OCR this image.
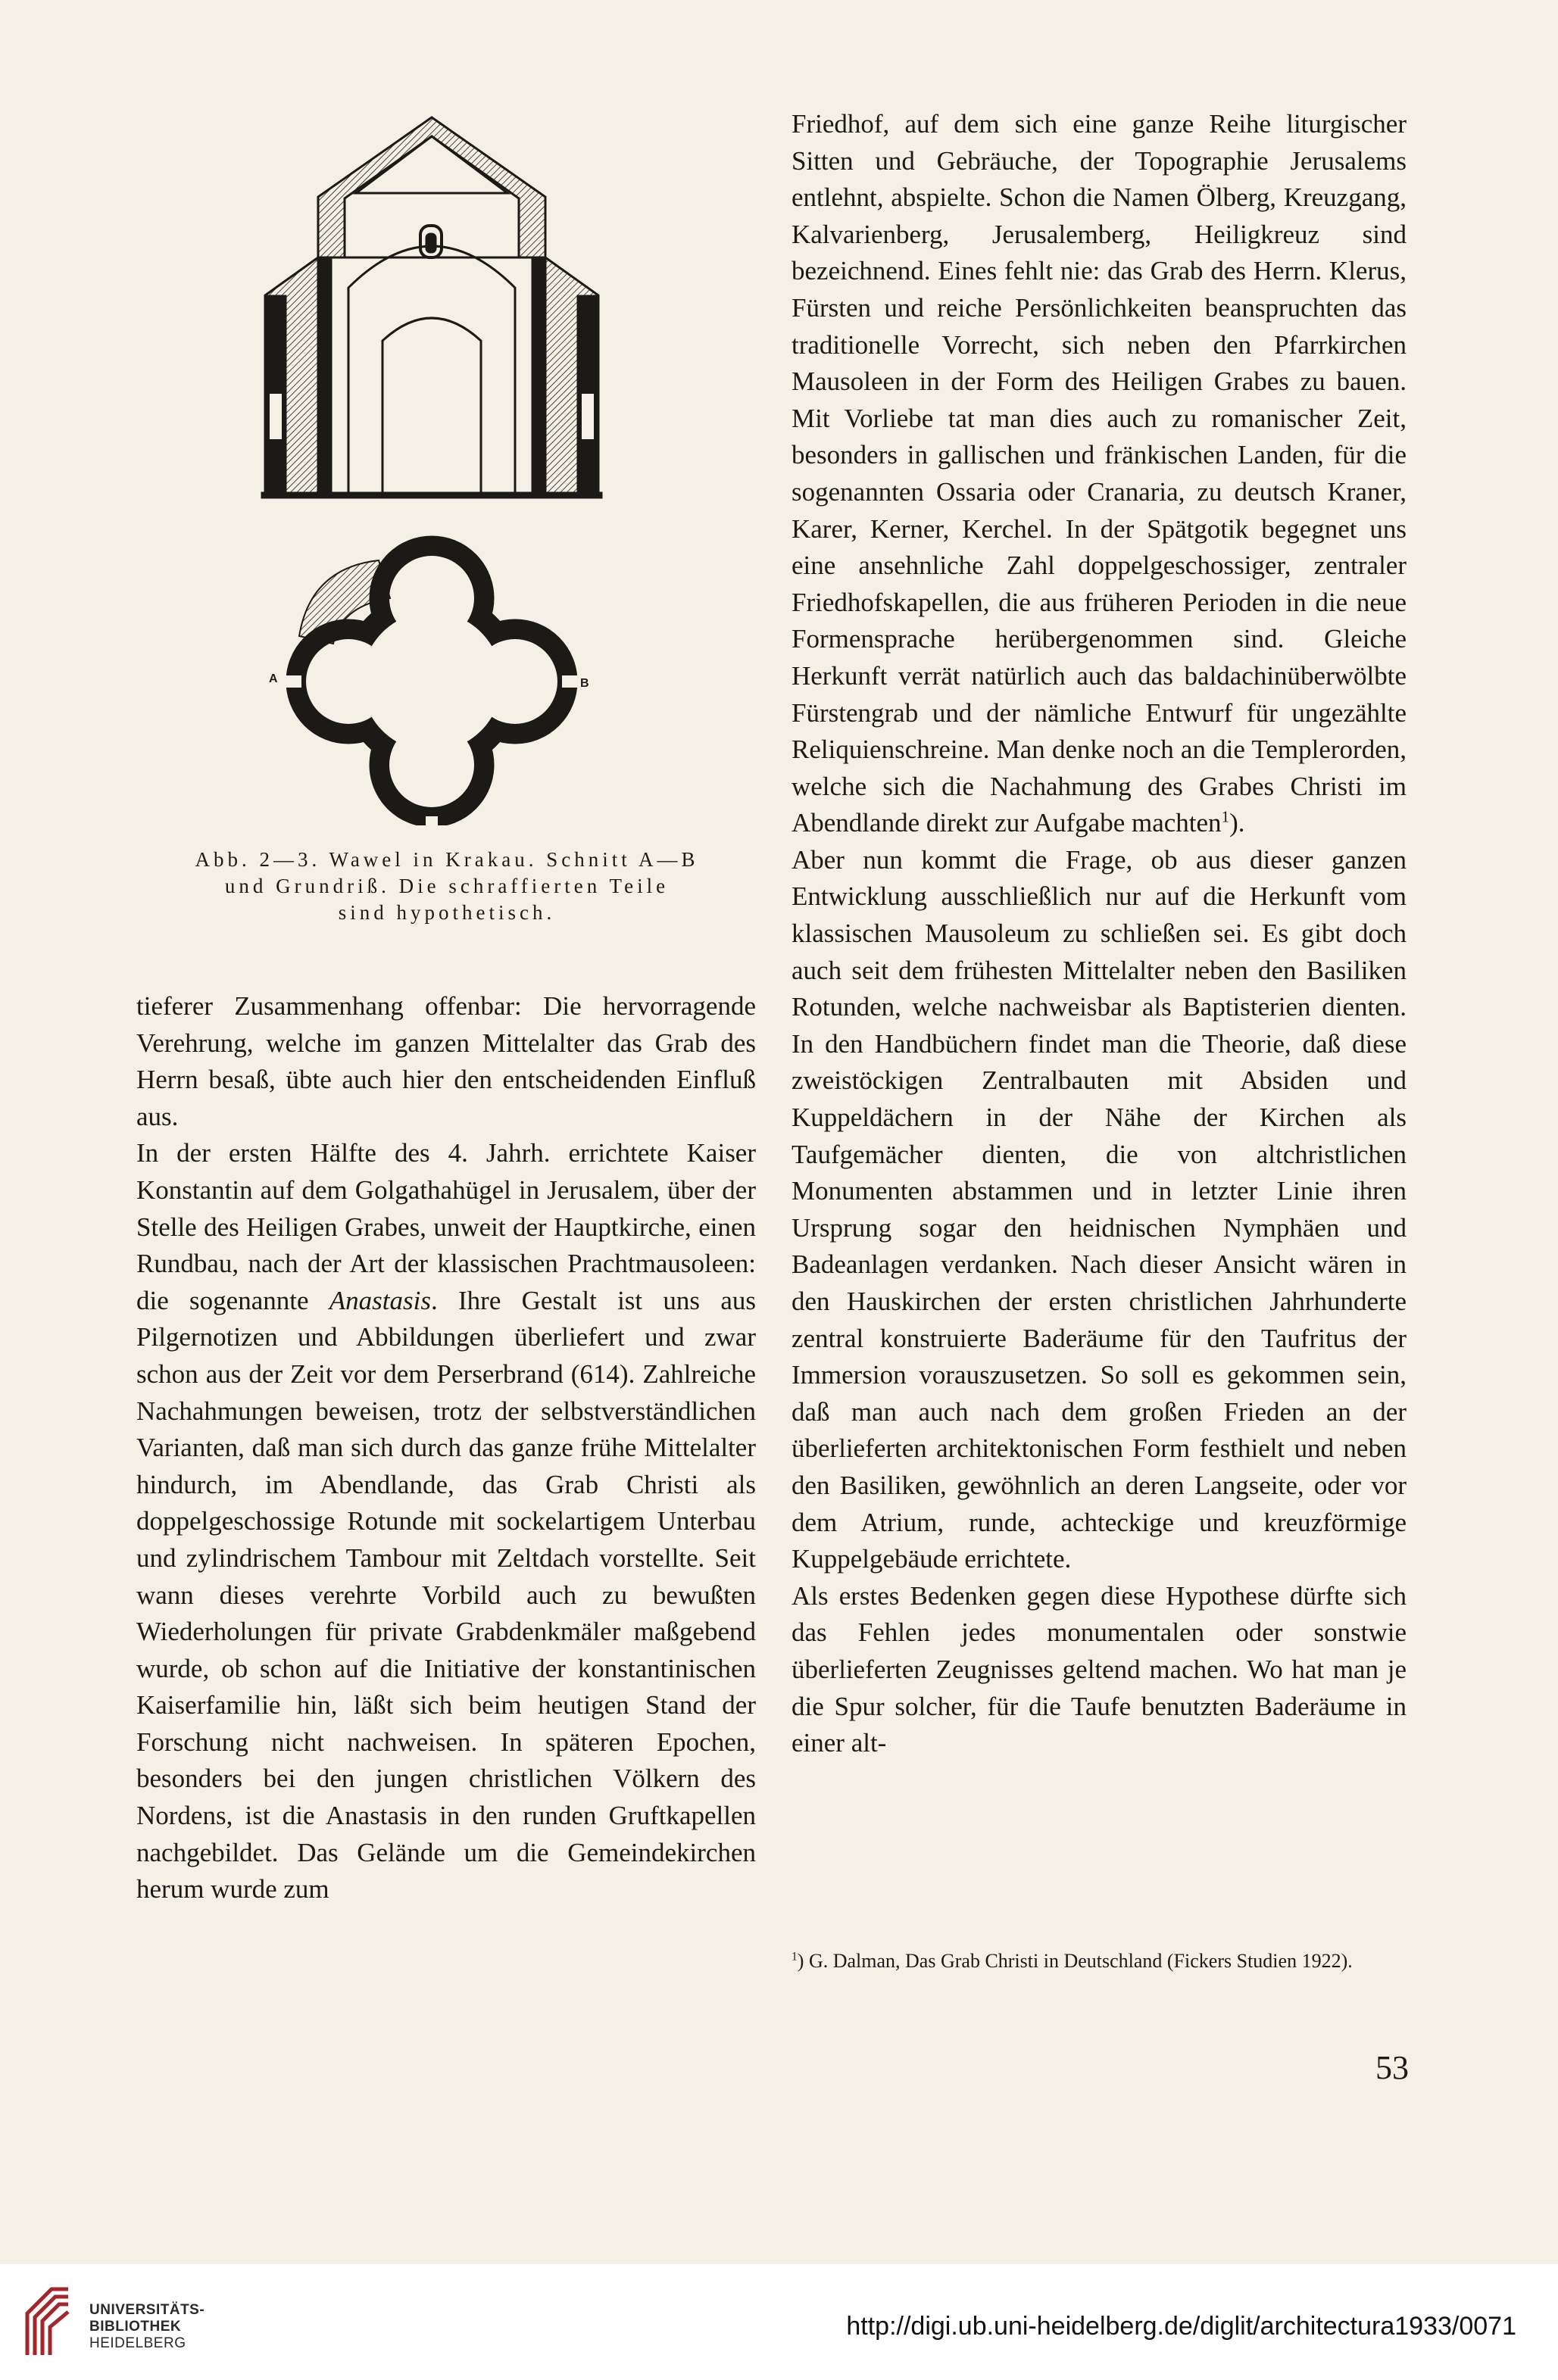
A	B
Abb. 2—3. Wawel in Krakau. Schnitt A—B
und Grundriß. Die schraffierten Teile
sind hypothetisch.

tieferer Zusammenhang offenbar: Die hervorragende Verehrung, welche im ganzen Mittelalter das Grab des Herrn besaß, übte auch hier den entscheidenden Einfluß aus.

In der ersten Hälfte des 4. Jahrh. errichtete Kaiser Konstantin auf dem Golgathahügel in Jerusalem, über der Stelle des Heiligen Grabes, unweit der Hauptkirche, einen Rundbau, nach der Art der klassischen Prachtmausoleen: die sogenannte Anastasis. Ihre Gestalt ist uns aus Pilgernotizen und Abbildungen überliefert und zwar schon aus der Zeit vor dem Perserbrand (614). Zahlreiche Nachahmungen beweisen, trotz der selbstverständlichen Varianten, daß man sich durch das ganze frühe Mittelalter hindurch, im Abendlande, das Grab Christi als doppelgeschossige Rotunde mit sockelartigem Unterbau und zylindrischem Tambour mit Zeltdach vorstellte. Seit wann dieses verehrte Vorbild auch zu bewußten Wiederholungen für private Grabdenkmäler maßgebend wurde, ob schon auf die Initiative der konstantinischen Kaiserfamilie hin, läßt sich beim heutigen Stand der Forschung nicht nachweisen. In späteren Epochen, besonders bei den jungen christlichen Völkern des Nordens, ist die Anastasis in den runden Gruftkapellen nachgebildet. Das Gelände um die Gemeindekirchen herum wurde zum

Friedhof, auf dem sich eine ganze Reihe liturgischer Sitten und Gebräuche, der Topographie Jerusalems entlehnt, abspielte. Schon die Namen Ölberg, Kreuzgang, Kalvarienberg, Jerusalemberg, Heiligkreuz sind bezeichnend. Eines fehlt nie: das Grab des Herrn. Klerus, Fürsten und reiche Persönlichkeiten beanspruchten das traditionelle Vorrecht, sich neben den Pfarrkirchen Mausoleen in der Form des Heiligen Grabes zu bauen. Mit Vorliebe tat man dies auch zu romanischer Zeit, besonders in gallischen und fränkischen Landen, für die sogenannten Ossaria oder Cranaria, zu deutsch Kraner, Karer, Kerner, Kerchel. In der Spätgotik begegnet uns eine ansehnliche Zahl doppelgeschossiger, zentraler Friedhofskapellen, die aus früheren Perioden in die neue Formensprache herübergenommen sind. Gleiche Herkunft verrät natürlich auch das baldachinüberwölbte Fürstengrab und der nämliche Entwurf für ungezählte Reliquienschreine. Man denke noch an die Templerorden, welche sich die Nachahmung des Grabes Christi im Abendlande direkt zur Aufgabe machten$^1$).

Aber nun kommt die Frage, ob aus dieser ganzen Entwicklung ausschließlich nur auf die Herkunft vom klassischen Mausoleum zu schließen sei. Es gibt doch auch seit dem frühesten Mittelalter neben den Basiliken Rotunden, welche nachweisbar als Baptisterien dienten. In den Handbüchern findet man die Theorie, daß diese zweistöckigen Zentralbauten mit Absiden und Kuppeldächern in der Nähe der Kirchen als Taufgemächer dienten, die von altchristlichen Monumenten abstammen und in letzter Linie ihren Ursprung sogar den heidnischen Nymphäen und Badeanlagen verdanken. Nach dieser Ansicht wären in den Hauskirchen der ersten christlichen Jahrhunderte zentral konstruierte Baderäume für den Taufritus der Immersion vorauszusetzen. So soll es gekommen sein, daß man auch nach dem großen Frieden an der überlieferten architektonischen Form festhielt und neben den Basiliken, gewöhnlich an deren Langseite, oder vor dem Atrium, runde, achteckige und kreuzförmige Kuppelgebäude errichtete.

Als erstes Bedenken gegen diese Hypothese dürfte sich das Fehlen jedes monumentalen oder sonstwie überlieferten Zeugnisses geltend machen. Wo hat man je die Spur solcher, für die Taufe benutzten Baderäume in einer alt-

$^1$) G. Dalman, Das Grab Christi in Deutschland (Fickers Studien 1922).
53
UNIVERSITÄTS-
BIBLIOTHEK
HEIDELBERG
http://digi.ub.uni-heidelberg.de/diglit/architectura1933/0071
